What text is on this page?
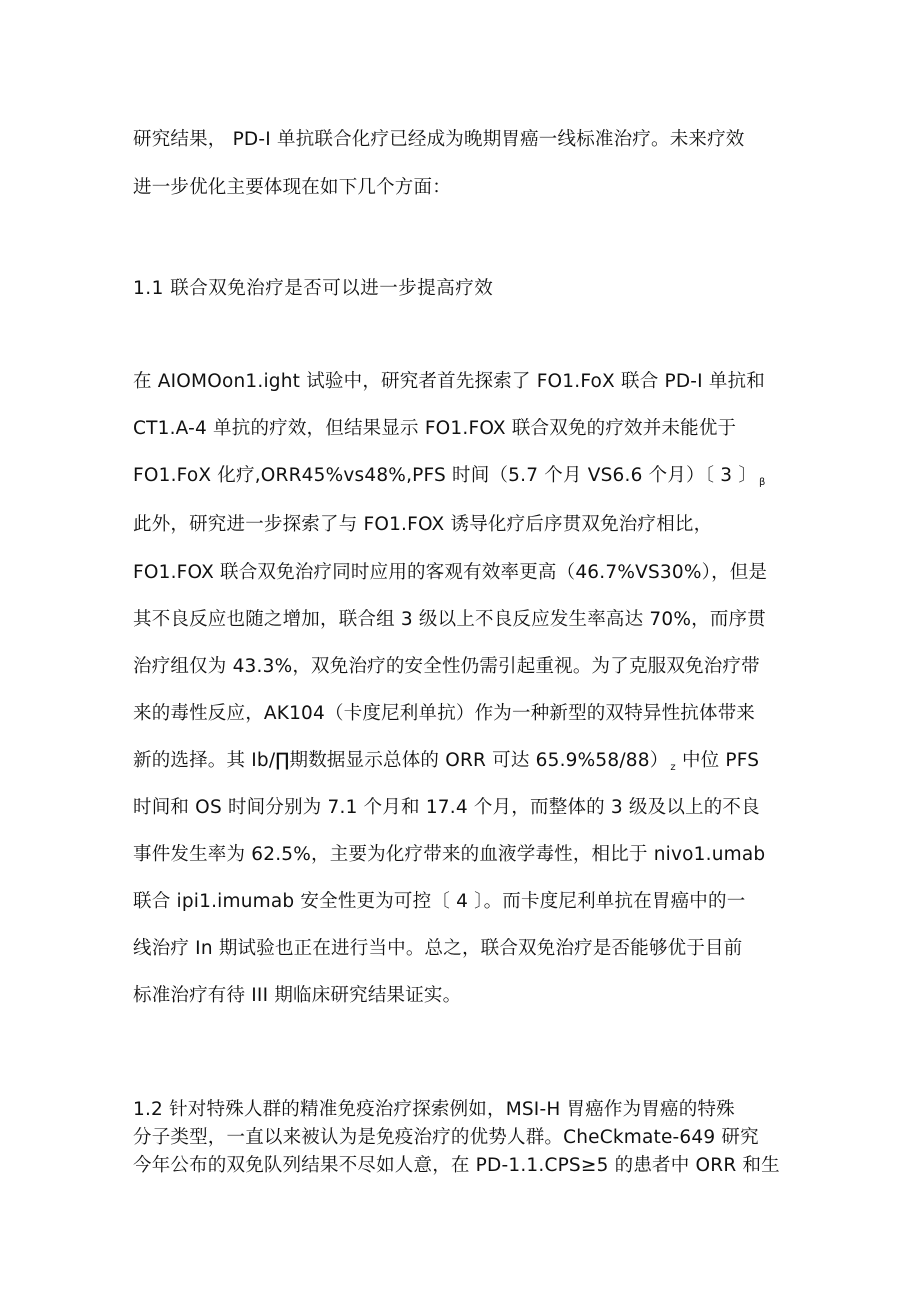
研究结果， PD-I 单抗联合化疗已经成为晚期胃癌一线标准治疗。未来疗效
进一步优化主要体现在如下几个方面：
1.1 联合双免治疗是否可以进一步提高疗效
在 AIOMOon1.ight 试验中，研究者首先探索了 FO1.FoX 联合 PD-I 单抗和
CT1.A-4 单抗的疗效，但结果显示 FO1.FOX 联合双免的疗效并未能优于
FO1.FoX 化疗,ORR45%vs48%,PFS 时间（5.7 个月 VS6.6 个月）〔 3 〕 $_\beta$
此外，研究进一步探索了与 FO1.FOX 诱导化疗后序贯双免治疗相比，
FO1.FOX 联合双免治疗同时应用的客观有效率更高（46.7%VS30%），但是
其不良反应也随之增加，联合组 3 级以上不良反应发生率高达 70%，而序贯
治疗组仅为 43.3%，双免治疗的安全性仍需引起重视。为了克服双免治疗带
来的毒性反应，AK104（卡度尼利单抗）作为一种新型的双特异性抗体带来
新的选择。其 Ib∕∏期数据显示总体的 ORR 可达 65.9%58/88） $_z$ 中位 PFS
时间和 OS 时间分别为 7.1 个月和 17.4 个月，而整体的 3 级及以上的不良
事件发生率为 62.5%，主要为化疗带来的血液学毒性，相比于 nivo1.umab
联合 ipi1.imumab 安全性更为可控〔 4 〕。而卡度尼利单抗在胃癌中的一
线治疗 In 期试验也正在进行当中。总之，联合双免治疗是否能够优于目前
标准治疗有待 III 期临床研究结果证实。
1.2 针对特殊人群的精准免疫治疗探索例如，MSI-H 胃癌作为胃癌的特殊
分子类型，一直以来被认为是免疫治疗的优势人群。CheCkmate-649 研究
今年公布的双免队列结果不尽如人意，在 PD-1.1.CPS≥5 的患者中 ORR 和生
